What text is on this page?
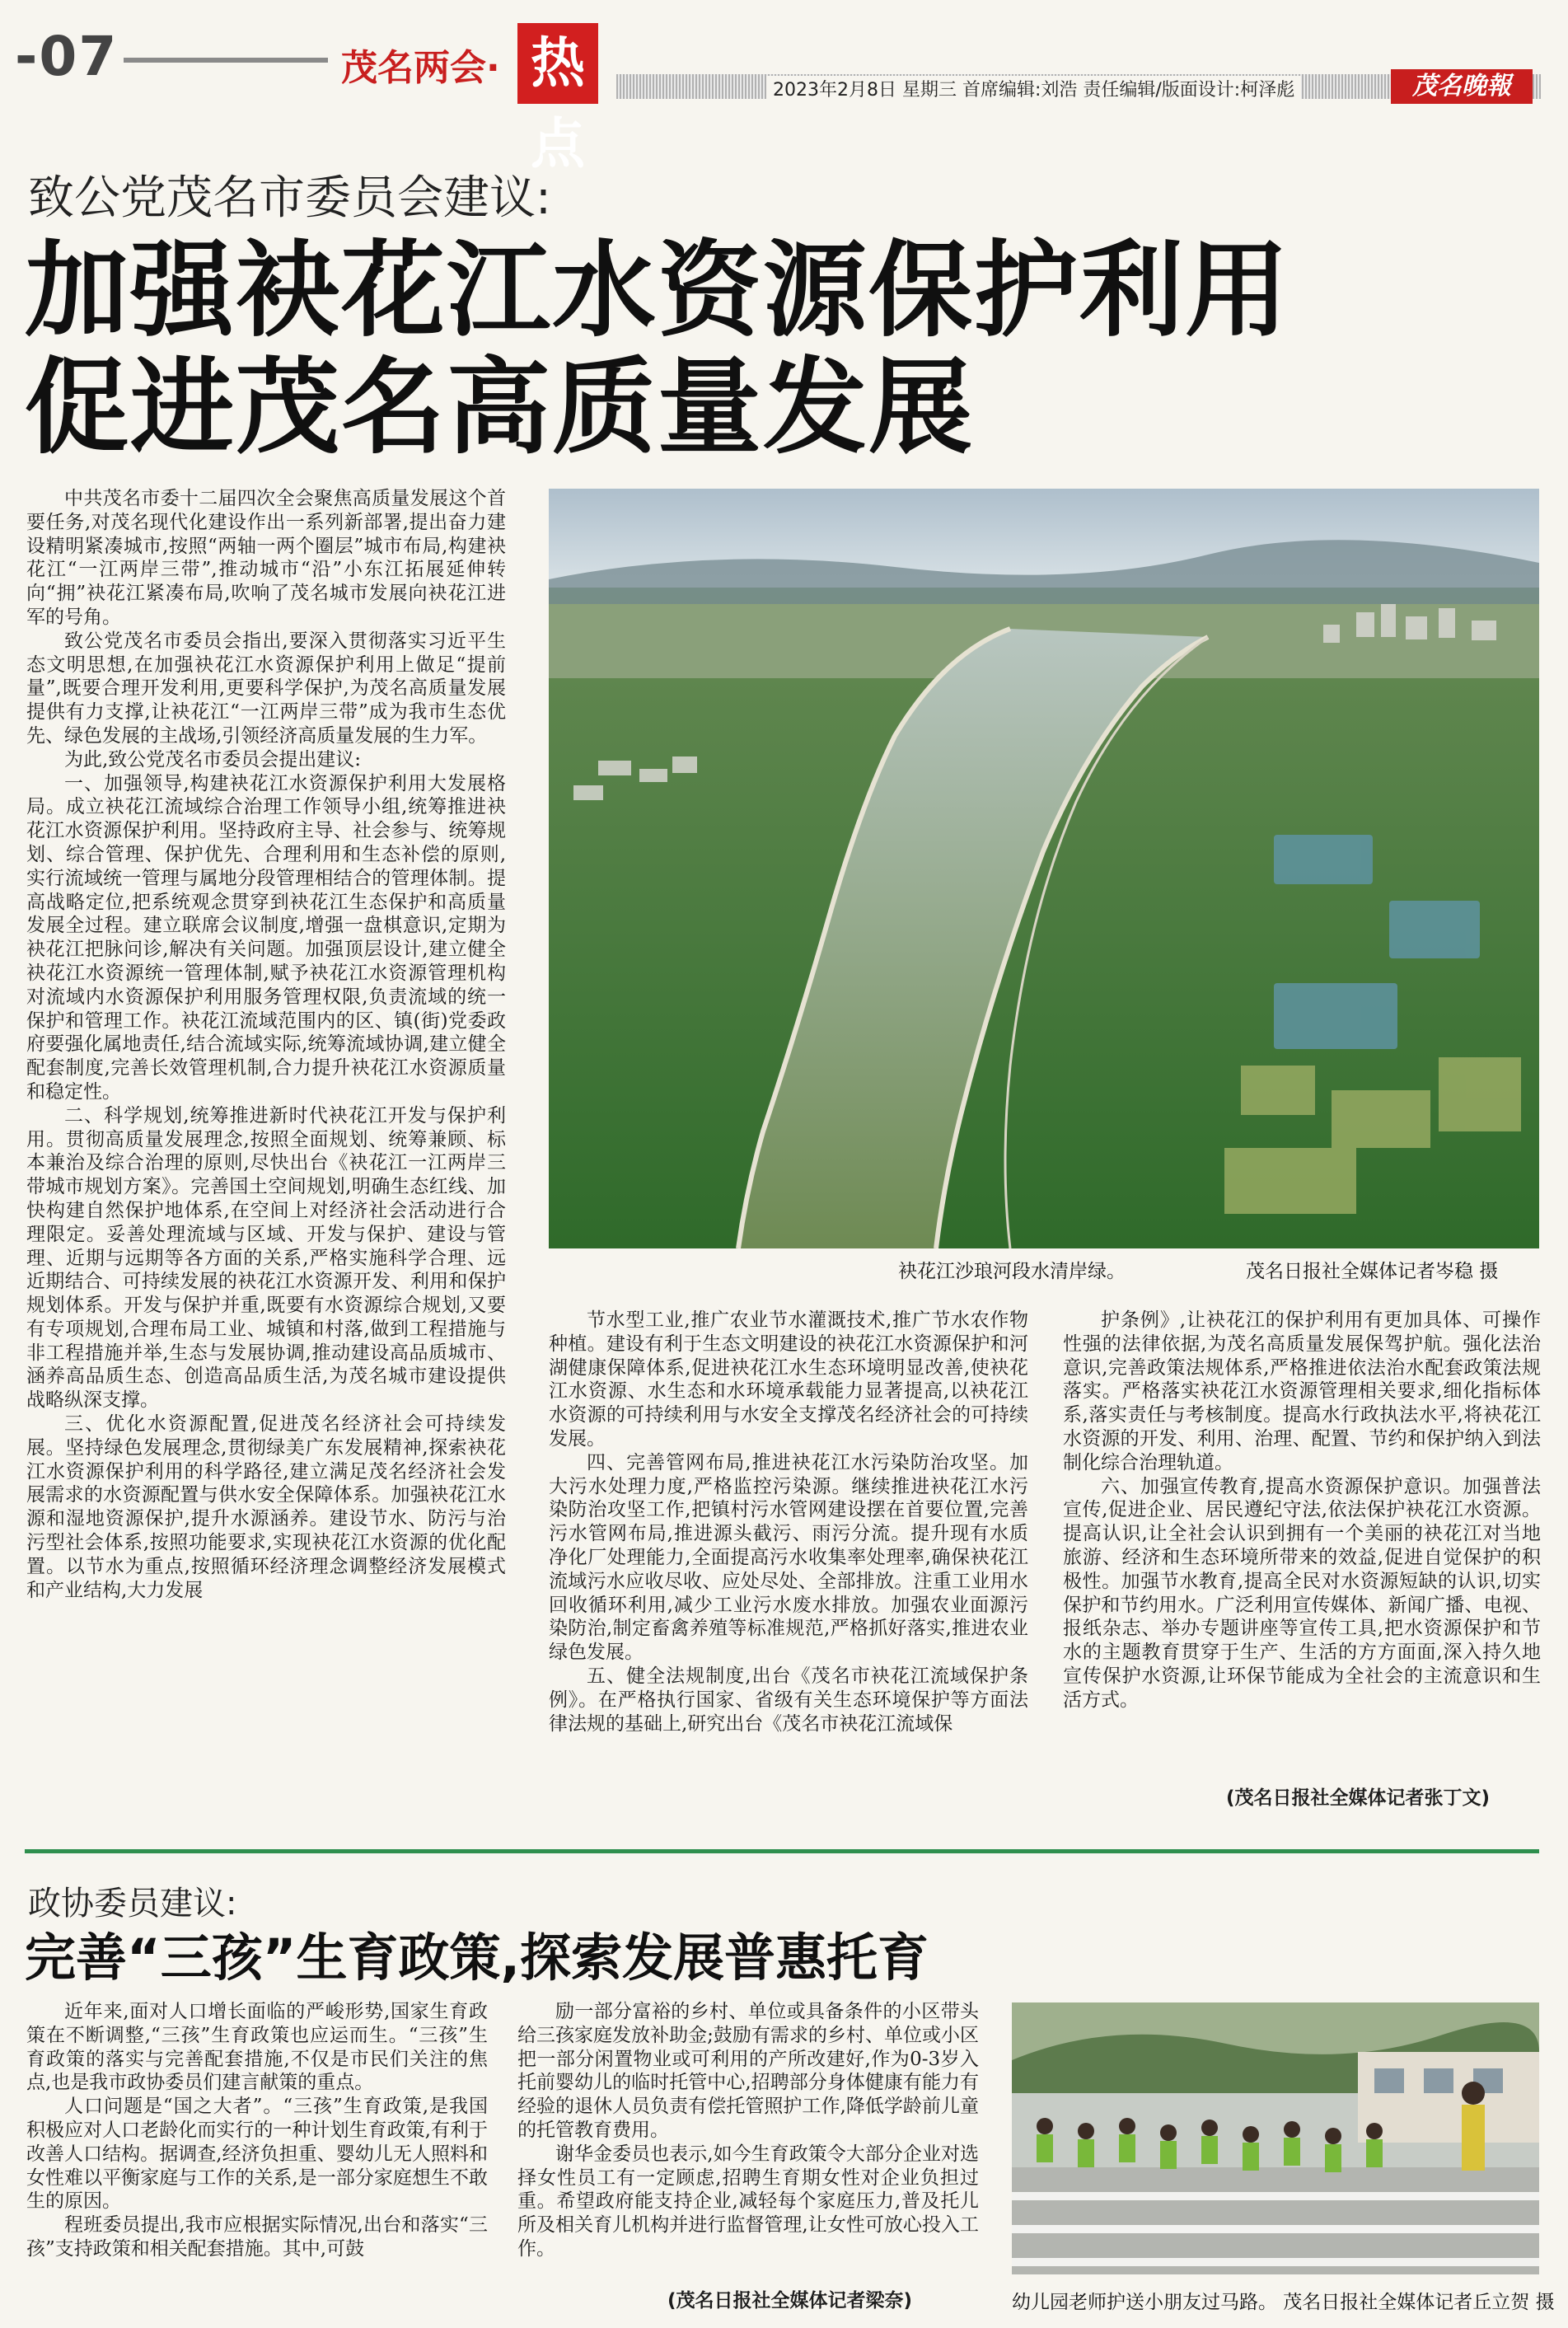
-07	茂名两会· 热点
2023年2月8日 星期三 首席编辑:刘浩 责任编辑/版面设计:柯泽彪	茂名晚報
致公党茂名市委员会建议:
加强袂花江水资源保护利用
促进茂名高质量发展

中共茂名市委十二届四次全会聚焦高质量发展这个首要任务,对茂名现代化建设作出一系列新部署,提出奋力建设精明紧凑城市,按照“两轴一两个圈层”城市布局,构建袂花江“一江两岸三带”,推动城市“沿”小东江拓展延伸转向“拥”袂花江紧凑布局,吹响了茂名城市发展向袂花江进军的号角。

致公党茂名市委员会指出,要深入贯彻落实习近平生态文明思想,在加强袂花江水资源保护利用上做足“提前量”,既要合理开发利用,更要科学保护,为茂名高质量发展提供有力支撑,让袂花江“一江两岸三带”成为我市生态优先、绿色发展的主战场,引领经济高质量发展的生力军。

为此,致公党茂名市委员会提出建议:

一、加强领导,构建袂花江水资源保护利用大发展格局。成立袂花江流域综合治理工作领导小组,统筹推进袂花江水资源保护利用。坚持政府主导、社会参与、统筹规划、综合管理、保护优先、合理利用和生态补偿的原则,实行流域统一管理与属地分段管理相结合的管理体制。提高战略定位,把系统观念贯穿到袂花江生态保护和高质量发展全过程。建立联席会议制度,增强一盘棋意识,定期为袂花江把脉问诊,解决有关问题。加强顶层设计,建立健全袂花江水资源统一管理体制,赋予袂花江水资源管理机构对流域内水资源保护利用服务管理权限,负责流域的统一保护和管理工作。袂花江流域范围内的区、镇(街)党委政府要强化属地责任,结合流域实际,统筹流域协调,建立健全配套制度,完善长效管理机制,合力提升袂花江水资源质量和稳定性。

二、科学规划,统筹推进新时代袂花江开发与保护利用。贯彻高质量发展理念,按照全面规划、统筹兼顾、标本兼治及综合治理的原则,尽快出台《袂花江一江两岸三带城市规划方案》。完善国土空间规划,明确生态红线、加快构建自然保护地体系,在空间上对经济社会活动进行合理限定。妥善处理流域与区域、开发与保护、建设与管理、近期与远期等各方面的关系,严格实施科学合理、远近期结合、可持续发展的袂花江水资源开发、利用和保护规划体系。开发与保护并重,既要有水资源综合规划,又要有专项规划,合理布局工业、城镇和村落,做到工程措施与非工程措施并举,生态与发展协调,推动建设高品质城市、涵养高品质生态、创造高品质生活,为茂名城市建设提供战略纵深支撑。

三、优化水资源配置,促进茂名经济社会可持续发展。坚持绿色发展理念,贯彻绿美广东发展精神,探索袂花江水资源保护利用的科学路径,建立满足茂名经济社会发展需求的水资源配置与供水安全保障体系。加强袂花江水源和湿地资源保护,提升水源涵养。建设节水、防污与治污型社会体系,按照功能要求,实现袂花江水资源的优化配置。以节水为重点,按照循环经济理念调整经济发展模式和产业结构,大力发展

袂花江沙琅河段水清岸绿。	茂名日报社全媒体记者岑稳 摄

节水型工业,推广农业节水灌溉技术,推广节水农作物种植。建设有利于生态文明建设的袂花江水资源保护和河湖健康保障体系,促进袂花江水生态环境明显改善,使袂花江水资源、水生态和水环境承载能力显著提高,以袂花江水资源的可持续利用与水安全支撑茂名经济社会的可持续发展。

四、完善管网布局,推进袂花江水污染防治攻坚。加大污水处理力度,严格监控污染源。继续推进袂花江水污染防治攻坚工作,把镇村污水管网建设摆在首要位置,完善污水管网布局,推进源头截污、雨污分流。提升现有水质净化厂处理能力,全面提高污水收集率处理率,确保袂花江流域污水应收尽收、应处尽处、全部排放。注重工业用水回收循环利用,减少工业污水废水排放。加强农业面源污染防治,制定畜禽养殖等标准规范,严格抓好落实,推进农业绿色发展。

五、健全法规制度,出台《茂名市袂花江流域保护条例》。在严格执行国家、省级有关生态环境保护等方面法律法规的基础上,研究出台《茂名市袂花江流域保

护条例》,让袂花江的保护利用有更加具体、可操作性强的法律依据,为茂名高质量发展保驾护航。强化法治意识,完善政策法规体系,严格推进依法治水配套政策法规落实。严格落实袂花江水资源管理相关要求,细化指标体系,落实责任与考核制度。提高水行政执法水平,将袂花江水资源的开发、利用、治理、配置、节约和保护纳入到法制化综合治理轨道。

六、加强宣传教育,提高水资源保护意识。加强普法宣传,促进企业、居民遵纪守法,依法保护袂花江水资源。提高认识,让全社会认识到拥有一个美丽的袂花江对当地旅游、经济和生态环境所带来的效益,促进自觉保护的积极性。加强节水教育,提高全民对水资源短缺的认识,切实保护和节约用水。广泛利用宣传媒体、新闻广播、电视、报纸杂志、举办专题讲座等宣传工具,把水资源保护和节水的主题教育贯穿于生产、生活的方方面面,深入持久地宣传保护水资源,让环保节能成为全社会的主流意识和生活方式。

(茂名日报社全媒体记者张丁文)
政协委员建议:
完善“三孩”生育政策,探索发展普惠托育

近年来,面对人口增长面临的严峻形势,国家生育政策在不断调整,“三孩”生育政策也应运而生。“三孩”生育政策的落实与完善配套措施,不仅是市民们关注的焦点,也是我市政协委员们建言献策的重点。

人口问题是“国之大者”。“三孩”生育政策,是我国积极应对人口老龄化而实行的一种计划生育政策,有利于改善人口结构。据调查,经济负担重、婴幼儿无人照料和女性难以平衡家庭与工作的关系,是一部分家庭想生不敢生的原因。

程班委员提出,我市应根据实际情况,出台和落实“三孩”支持政策和相关配套措施。其中,可鼓

励一部分富裕的乡村、单位或具备条件的小区带头给三孩家庭发放补助金;鼓励有需求的乡村、单位或小区把一部分闲置物业或可利用的产所改建好,作为0-3岁入托前婴幼儿的临时托管中心,招聘部分身体健康有能力有经验的退休人员负责有偿托管照护工作,降低学龄前儿童的托管教育费用。

谢华金委员也表示,如今生育政策令大部分企业对选择女性员工有一定顾虑,招聘生育期女性对企业负担过重。希望政府能支持企业,减轻每个家庭压力,普及托儿所及相关育儿机构并进行监督管理,让女性可放心投入工作。

(茂名日报社全媒体记者梁奈)	幼儿园老师护送小朋友过马路。 茂名日报社全媒体记者丘立贺 摄
